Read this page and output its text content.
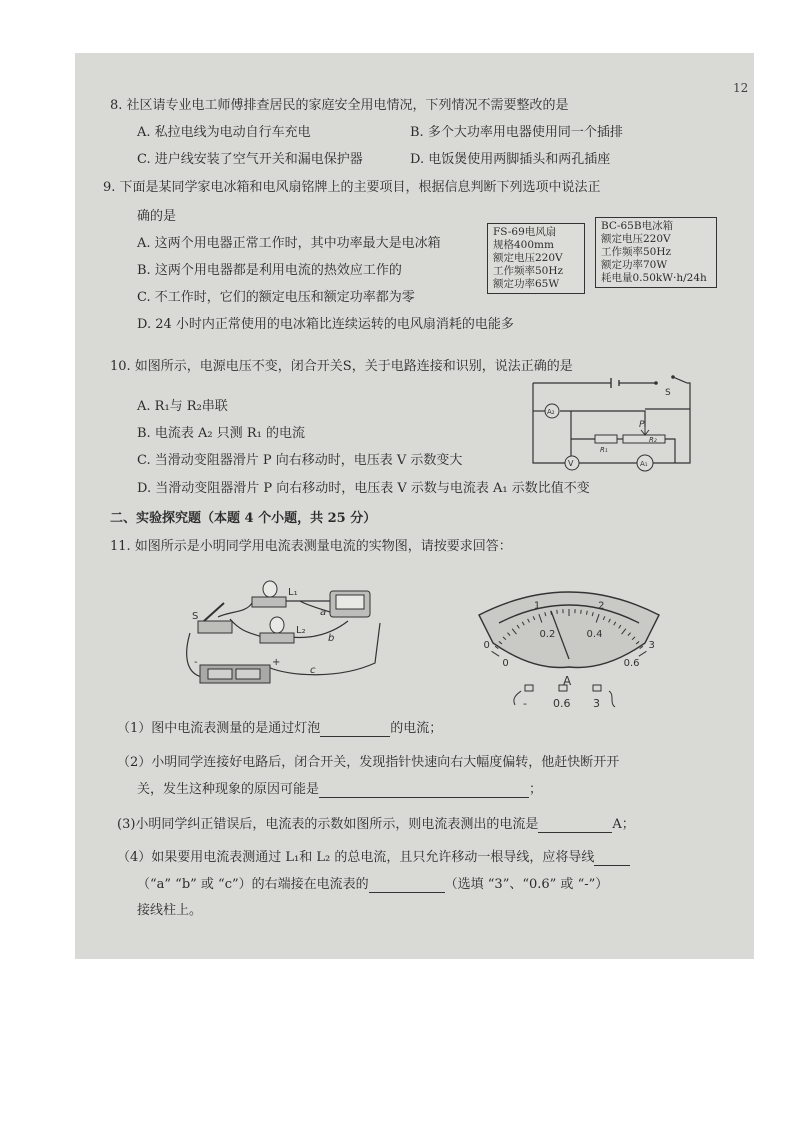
12
8. 社区请专业电工师傅排查居民的家庭安全用电情况，下列情况不需要整改的是
A. 私拉电线为电动自行车充电	B. 多个大功率用电器使用同一个插排
C. 进户线安装了空气开关和漏电保护器	D. 电饭煲使用两脚插头和两孔插座
9. 下面是某同学家电冰箱和电风扇铭牌上的主要项目，根据信息判断下列选项中说法正
确的是
A. 这两个用电器正常工作时，其中功率最大是电冰箱
B. 这两个用电器都是利用电流的热效应工作的
C. 不工作时，它们的额定电压和额定功率都为零
D. 24 小时内正常使用的电冰箱比连续运转的电风扇消耗的电能多
FS-69电风扇
规格400mm
额定电压220V
工作频率50Hz
额定功率65W
BC-65B电冰箱
额定电压220V
工作频率50Hz
额定功率70W
耗电量0.50kW·h/24h
10. 如图所示，电源电压不变，闭合开关S，关于电路连接和识别，说法正确的是
A. R₁与 R₂串联
B. 电流表 A₂ 只测 R₁ 的电流
C. 当滑动变阻器滑片 P 向右移动时，电压表 V 示数变大
D. 当滑动变阻器滑片 P 向右移动时，电压表 V 示数与电流表 A₁ 示数比值不变
S
A₂
P
R₁
R₂
V	A₁
二、实验探究题（本题 4 个小题，共 25 分）
11. 如图所示是小明同学用电流表测量电流的实物图，请按要求回答：
S
L₁
L₂
a
b
c
-	+
0
1	2
3
0
0.2	0.4
0.6
A
- 0.6 3
（1）图中电流表测量的是通过灯泡	的电流；
（2）小明同学连接好电路后，闭合开关，发现指针快速向右大幅度偏转，他赶快断开开
关，发生这种现象的原因可能是	；
(3)小明同学纠正错误后，电流表的示数如图所示，则电流表测出的电流是	A；
（4）如果要用电流表测通过 L₁和 L₂ 的总电流，且只允许移动一根导线，应将导线
（“a” “b” 或 “c”）的右端接在电流表的	（选填 “3”、“0.6” 或 “-”）
接线柱上。
